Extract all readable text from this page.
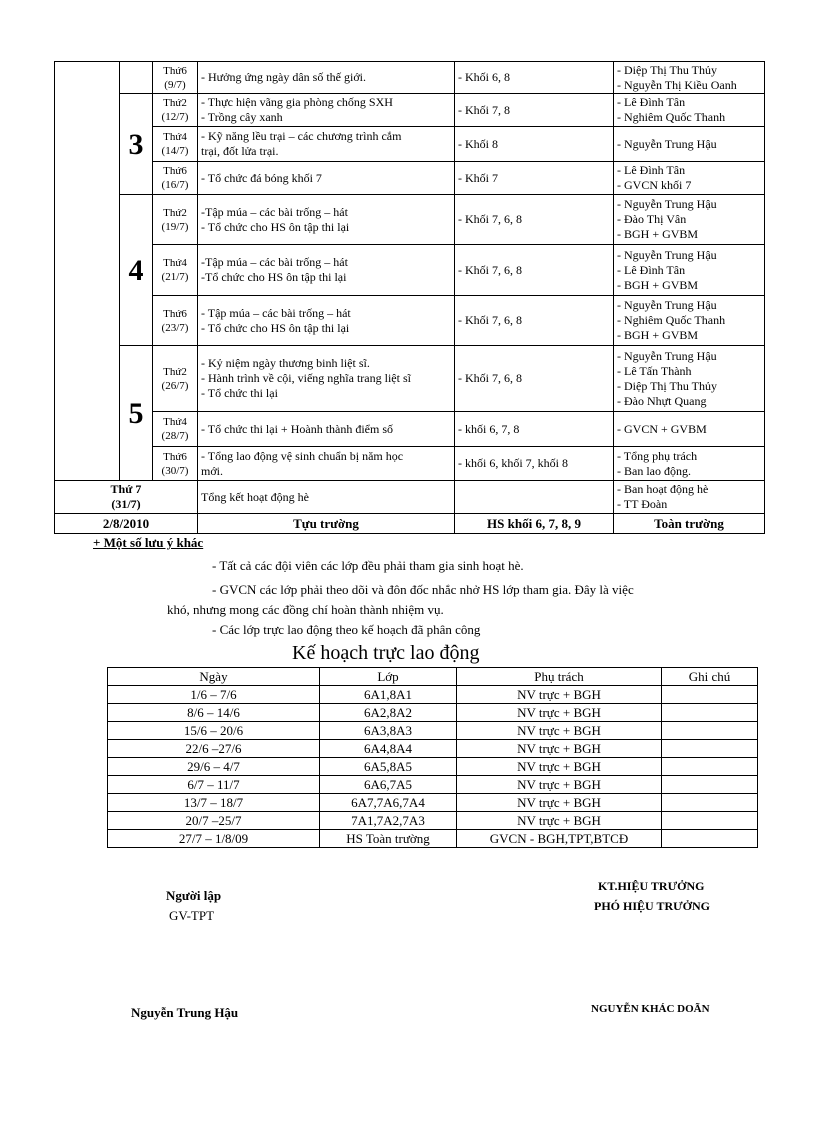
		Thứ6
(9/7)	- Hưởng ứng ngày dân số thế giới.	- Khối 6, 8	- Diệp Thị Thu Thủy
- Nguyễn Thị Kiều Oanh

	3	Thứ2
(12/7)	- Thực hiện vãng gia phòng chống SXH
- Trồng cây xanh	- Khối 7, 8	- Lê Đình Tân
- Nghiêm Quốc Thanh

		Thứ4
(14/7)	- Kỹ năng lều trại – các chương trình cắm
trại, đốt lửa trại.	- Khối 8	- Nguyễn Trung Hậu

		Thứ6
(16/7)	- Tổ chức đá bóng khối 7	- Khối 7	- Lê Đình Tân
- GVCN khối 7

	4	Thứ2
(19/7)	-Tập múa – các bài trống – hát
- Tổ chức cho HS ôn tập thi lại	- Khối 7, 6, 8	- Nguyễn Trung Hậu
- Đào Thị Vân
- BGH + GVBM

		Thứ4
(21/7)	-Tập múa – các bài trống – hát
-Tổ chức cho HS ôn tập thi lại	- Khối 7, 6, 8	- Nguyễn Trung Hậu
- Lê Đình Tân
- BGH + GVBM

		Thứ6
(23/7)	- Tập múa – các bài trống – hát
- Tổ chức cho HS ôn tập thi lại	- Khối 7, 6, 8	- Nguyễn Trung Hậu
- Nghiêm Quốc Thanh
- BGH + GVBM

	5	Thứ2
(26/7)	- Kỷ niệm ngày thương binh liệt sĩ.
- Hành trình về cội, viếng nghĩa trang liệt sĩ
- Tổ chức thi lại	- Khối 7, 6, 8	- Nguyễn Trung Hậu
- Lê Tấn Thành
- Diệp Thị Thu Thủy
- Đào Nhựt Quang

		Thứ4
(28/7)	- Tổ chức thi lại + Hoành thành điểm số	- khối 6, 7, 8	- GVCN + GVBM

		Thứ6
(30/7)	- Tổng lao động vệ sinh chuẩn bị năm học
mới.	- khối 6, khối 7, khối 8	- Tổng phụ trách
- Ban lao động.

Thứ 7
(31/7)			Tổng kết hoạt động hè		- Ban hoạt động hè
- TT Đoàn

2/8/2010			Tựu trường	HS khối 6, 7, 8, 9	Toàn trường
+ Một số lưu ý khác
- Tất cả các đội viên các lớp đều phải tham gia sinh hoạt hè.
- GVCN các lớp phải theo dõi và đôn đốc nhắc nhở HS lớp tham gia. Đây là việc
khó, nhưng mong các đồng chí hoàn thành nhiệm vụ.
- Các lớp trực lao động theo kế hoạch đã phân công
Kế hoạch trực lao động
Ngày	Lớp	Phụ trách	Ghi chú
1/6 – 7/6	6A1,8A1	NV trực + BGH	
8/6 – 14/6	6A2,8A2	NV trực + BGH	
15/6 – 20/6	6A3,8A3	NV trực + BGH	
22/6 –27/6	6A4,8A4	NV trực + BGH	
29/6 – 4/7	6A5,8A5	NV trực + BGH	
6/7 – 11/7	6A6,7A5	NV trực + BGH	
13/7 – 18/7	6A7,7A6,7A4	NV trực + BGH	
20/7 –25/7	7A1,7A2,7A3	NV trực + BGH	
27/7 – 1/8/09	HS Toàn trường	GVCN - BGH,TPT,BTCĐ	
Người lập
GV-TPT
Nguyễn Trung Hậu
KT.HIỆU TRƯỞNG
PHÓ HIỆU TRƯỞNG
NGUYỄN KHÁC DOÃN
